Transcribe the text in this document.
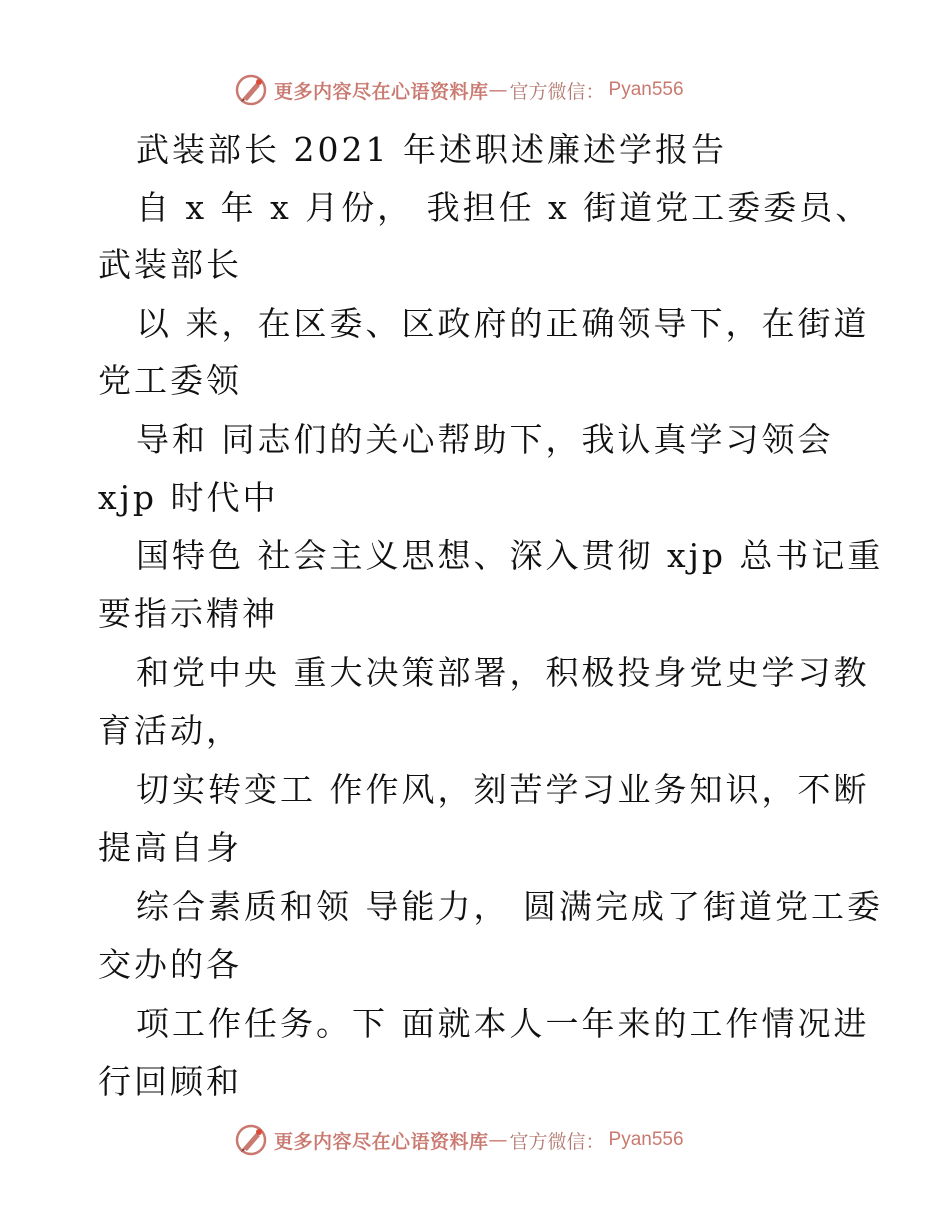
更多内容尽在心语资料库 — 官方微信： Pyan556
武装部长 2021 年述职述廉述学报告
自 x 年 x 月份， 我担任 x 街道党工委委员、
武装部长
以 来，在区委、区政府的正确领导下，在街道
党工委领
导和 同志们的关心帮助下，我认真学习领会
xjp 时代中
国特色 社会主义思想、深入贯彻 xjp 总书记重
要指示精神
和党中央 重大决策部署，积极投身党史学习教
育活动，
切实转变工 作作风，刻苦学习业务知识，不断
提高自身
综合素质和领 导能力， 圆满完成了街道党工委
交办的各
项工作任务。下 面就本人一年来的工作情况进
行回顾和
更多内容尽在心语资料库 — 官方微信： Pyan556
